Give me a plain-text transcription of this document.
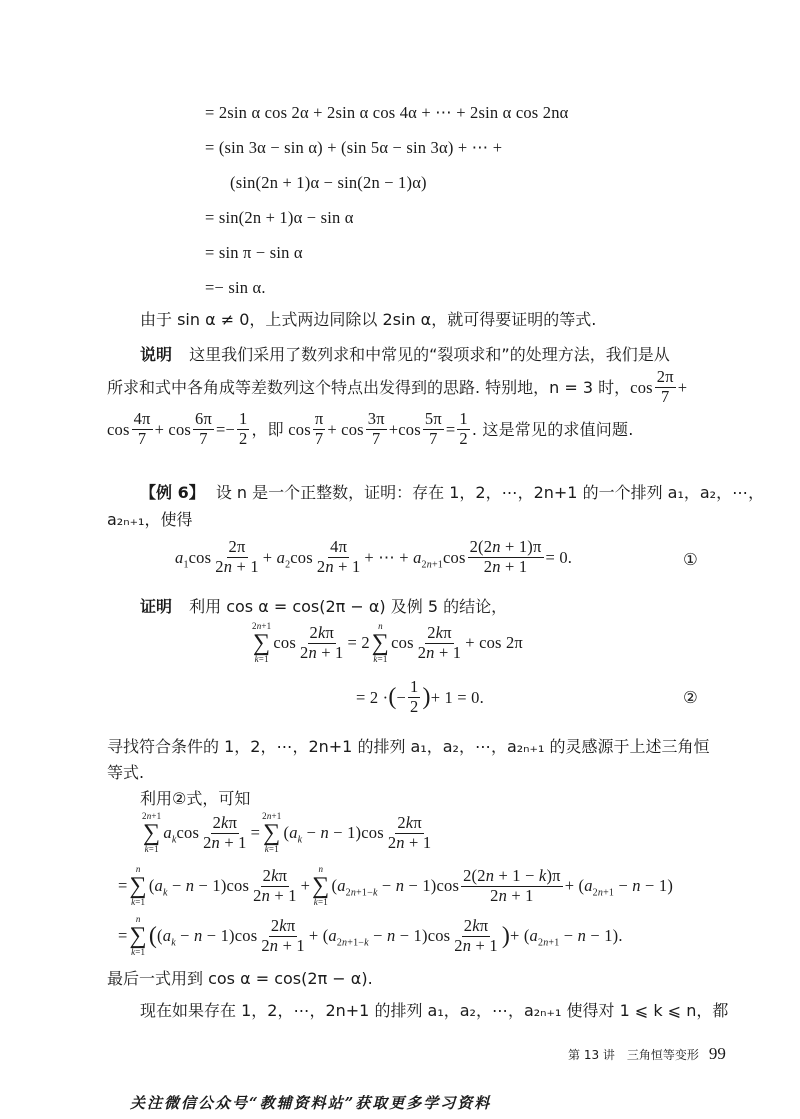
= 2sin α cos 2α + 2sin α cos 4α + ⋯ + 2sin α cos 2nα
= (sin 3α − sin α) + (sin 5α − sin 3α) + ⋯ +
(sin(2n + 1)α − sin(2n − 1)α)
= sin(2n + 1)α − sin α
= sin π − sin α
=− sin α.
由于 sin α ≠ 0，上式两边同除以 2sin α，就可得要证明的等式.
说明 这里我们采用了数列求和中常见的“裂项求和”的处理方法，我们是从
所求和式中各角成等差数列这个特点出发得到的思路. 特别地，n = 3 时， $\cos \frac{2\pi}{7}$ +
$\cos \frac{4\pi}{7} + \cos \frac{6\pi}{7} =- \frac{1}{2}$ ，即 $\cos \frac{\pi}{7} + \cos \frac{3\pi}{7} +\cos \frac{5\pi}{7} = \frac{1}{2}$ . 这是常见的求值问题.
【例 6】 设 n 是一个正整数，证明：存在 1，2，⋯，2n+1 的一个排列 a₁，a₂，⋯，
a₂ₙ₊₁，使得
$a_1\cos \frac{2\pi}{2n + 1} + a_2\cos \frac{4\pi}{2n + 1}$ + ⋯ + $a_{2n+1}\cos \frac{2(2n + 1)\pi}{2n + 1} = 0$.	①
证明 利用 cos α = cos(2π − α) 及例 5 的结论，
2n+1
∑
k=1
$\cos \frac{2k\pi}{2n + 1} = 2$
n
∑
k=1
$\cos \frac{2k\pi}{2n + 1} + \cos 2\pi$
= 2 · ( − $\frac{1}{2}$ ) + 1 = 0.	②
寻找符合条件的 1，2，⋯，2n+1 的排列 a₁，a₂，⋯，a₂ₙ₊₁ 的灵感源于上述三角恒
等式.
利用②式，可知
2n+1
∑
k=1
$a_k\cos \frac{2k\pi}{2n + 1}$ =
2n+1
∑
k=1
$(a_k - n - 1)\cos \frac{2k\pi}{2n + 1}$
=
n
∑
k=1
$(a_k - n - 1)\cos \frac{2k\pi}{2n + 1}$ +
n
∑
k=1
$(a_{2n+1-k} - n - 1)\cos \frac{2(2n + 1 - k)\pi}{2n + 1} + (a_{2n+1} - n - 1)$
=
n
∑
k=1
( $(a_k - n - 1)\cos \frac{2k\pi}{2n + 1} + (a_{2n+1-k} - n - 1)\cos \frac{2k\pi}{2n + 1}$ ) + $(a_{2n+1} - n - 1)$.
最后一式用到 cos α = cos(2π − α).
现在如果存在 1，2，⋯，2n+1 的排列 a₁，a₂，⋯，a₂ₙ₊₁ 使得对 1 ⩽ k ⩽ n，都
第 13 讲　三角恒等变形 99
关注微信公众号“教辅资料站”获取更多学习资料
